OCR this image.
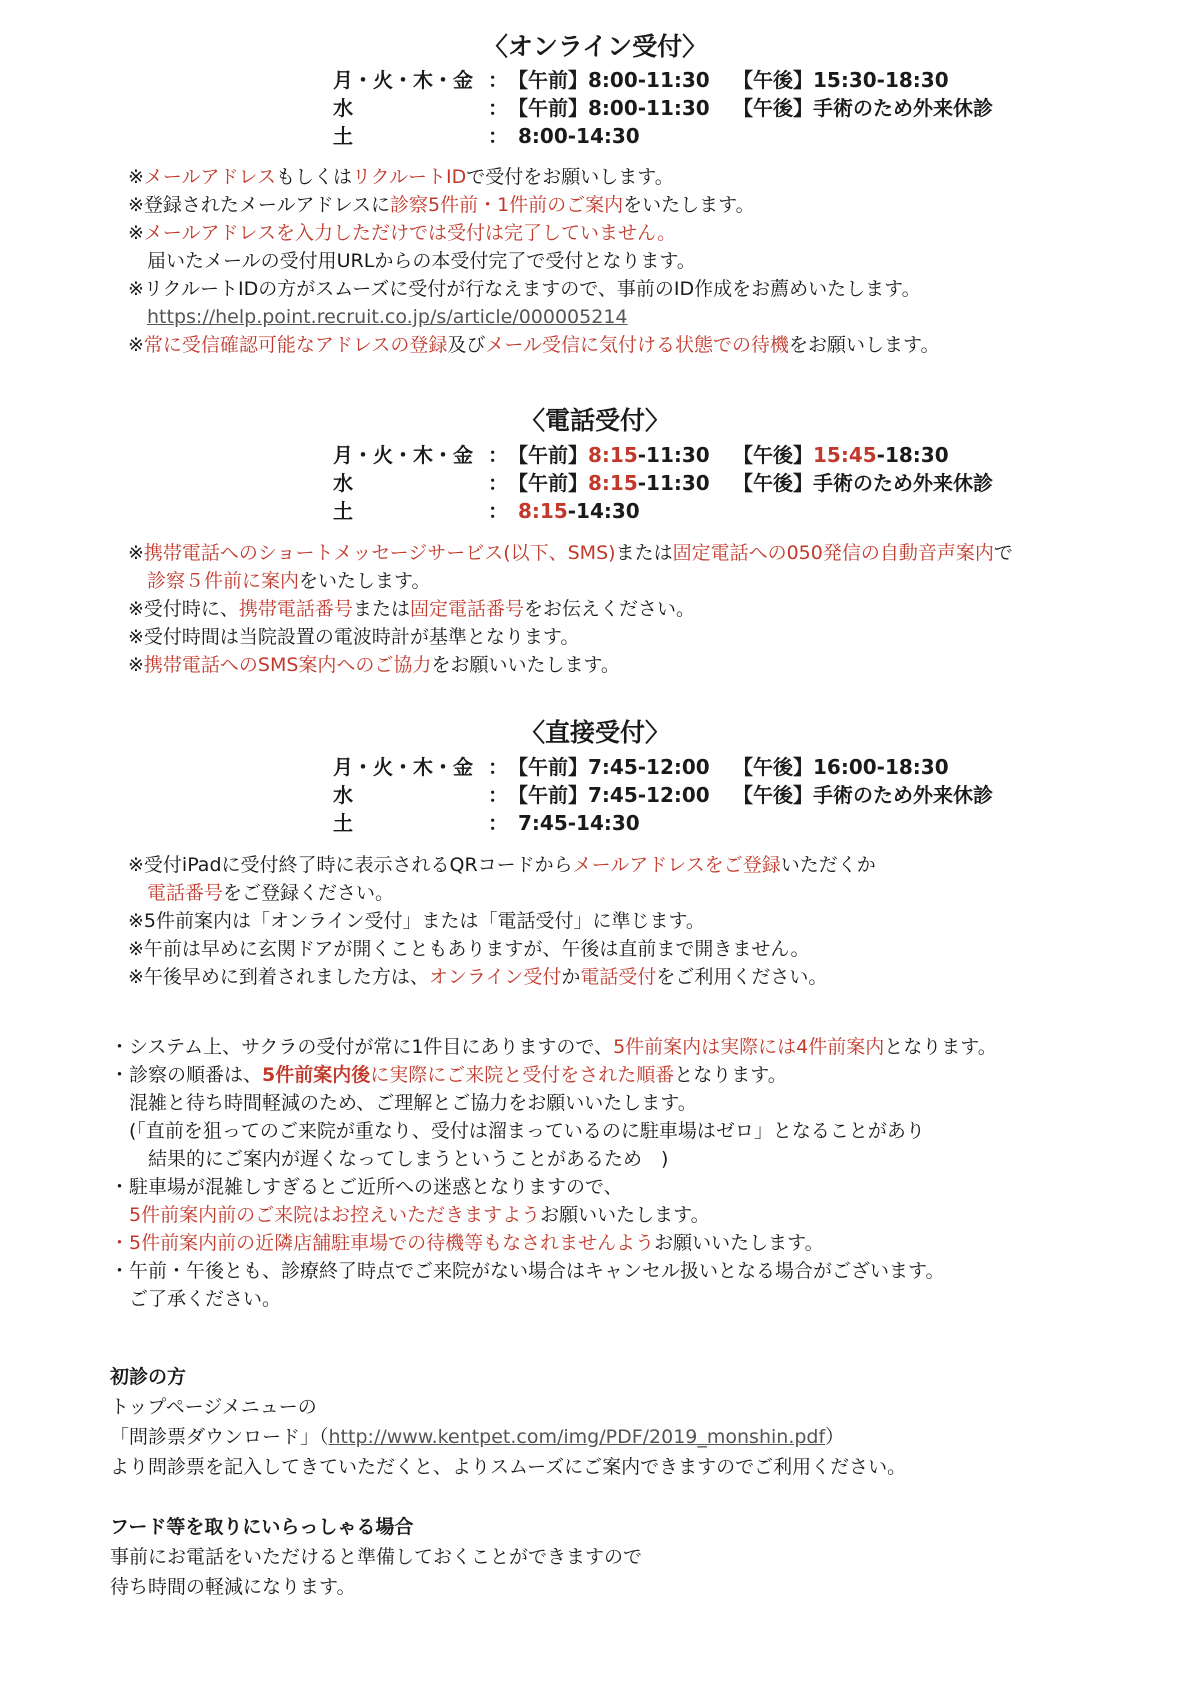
〈オンライン受付〉
月・火・木・金 ：【午前】8:00-11:30 【午後】15:30-18:30
水	：【午前】8:00-11:30 【午後】手術のため外来休診
土	： 8:00-14:30
※メールアドレスもしくはリクルートIDで受付をお願いします。
※登録されたメールアドレスに診察5件前・1件前のご案内をいたします。
※メールアドレスを入力しただけでは受付は完了していません。
　届いたメールの受付用URLからの本受付完了で受付となります。
※リクルートIDの方がスムーズに受付が行なえますので、事前のID作成をお薦めいたします。
　https://help.point.recruit.co.jp/s/article/000005214
※常に受信確認可能なアドレスの登録及びメール受信に気付ける状態での待機をお願いします。
〈電話受付〉
月・火・木・金 ：【午前】8:15-11:30 【午後】15:45-18:30
水	：【午前】8:15-11:30 【午後】手術のため外来休診
土	： 8:15-14:30
※携帯電話へのショートメッセージサービス(以下、SMS)または固定電話への050発信の自動音声案内で
　診察５件前に案内をいたします。
※受付時に、携帯電話番号または固定電話番号をお伝えください。
※受付時間は当院設置の電波時計が基準となります。
※携帯電話へのSMS案内へのご協力をお願いいたします。
〈直接受付〉
月・火・木・金 ：【午前】7:45-12:00 【午後】16:00-18:30
水	：【午前】7:45-12:00 【午後】手術のため外来休診
土	： 7:45-14:30
※受付iPadに受付終了時に表示されるQRコードからメールアドレスをご登録いただくか
　電話番号をご登録ください。
※5件前案内は「オンライン受付」または「電話受付」に準じます。
※午前は早めに玄関ドアが開くこともありますが、午後は直前まで開きません。
※午後早めに到着されました方は、オンライン受付か電話受付をご利用ください。
・システム上、サクラの受付が常に1件目にありますので、5件前案内は実際には4件前案内となります。
・診察の順番は、5件前案内後に実際にご来院と受付をされた順番となります。
　混雑と待ち時間軽減のため、ご理解とご協力をお願いいたします。
　(「直前を狙ってのご来院が重なり、受付は溜まっているのに駐車場はゼロ」となることがあり
　　結果的にご案内が遅くなってしまうということがあるため　)
・駐車場が混雑しすぎるとご近所への迷惑となりますので、
　5件前案内前のご来院はお控えいただきますようお願いいたします。
・5件前案内前の近隣店舗駐車場での待機等もなされませんようお願いいたします。
・午前・午後とも、診療終了時点でご来院がない場合はキャンセル扱いとなる場合がございます。
　ご了承ください。
初診の方
トップページメニューの
「問診票ダウンロード」（http://www.kentpet.com/img/PDF/2019_monshin.pdf）
より問診票を記入してきていただくと、よりスムーズにご案内できますのでご利用ください。
フード等を取りにいらっしゃる場合
事前にお電話をいただけると準備しておくことができますので
待ち時間の軽減になります。
